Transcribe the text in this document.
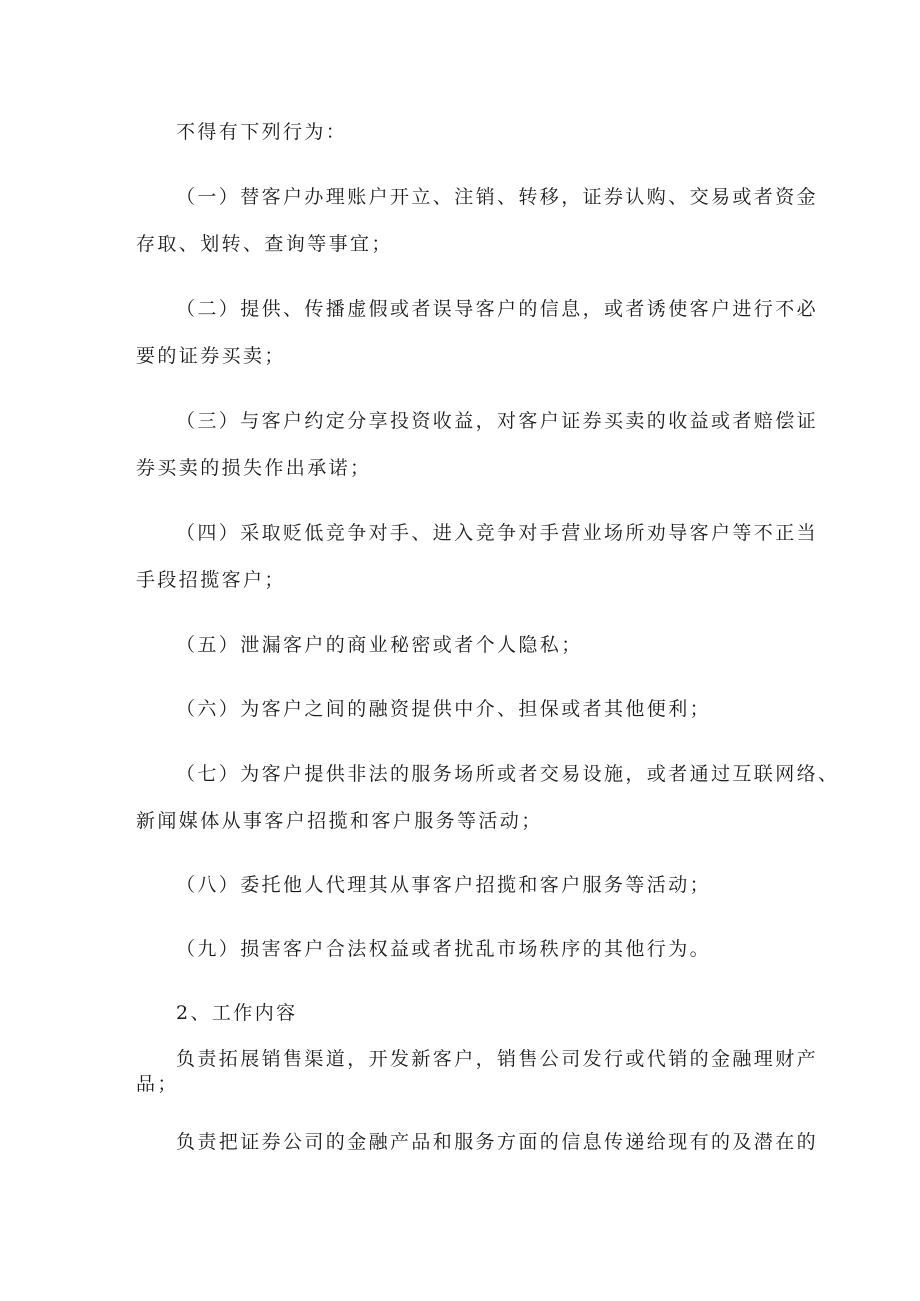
不得有下列行为：
（一）替客户办理账户开立、注销、转移，证券认购、交易或者资金
存取、划转、查询等事宜；
（二）提供、传播虚假或者误导客户的信息，或者诱使客户进行不必
要的证券买卖；
（三）与客户约定分享投资收益，对客户证券买卖的收益或者赔偿证
券买卖的损失作出承诺；
（四）采取贬低竞争对手、进入竞争对手营业场所劝导客户等不正当
手段招揽客户；
（五）泄漏客户的商业秘密或者个人隐私；
（六）为客户之间的融资提供中介、担保或者其他便利；
（七）为客户提供非法的服务场所或者交易设施，或者通过互联网络、
新闻媒体从事客户招揽和客户服务等活动；
（八）委托他人代理其从事客户招揽和客户服务等活动；
（九）损害客户合法权益或者扰乱市场秩序的其他行为。
2、工作内容
负责拓展销售渠道，开发新客户，销售公司发行或代销的金融理财产
品；
负责把证券公司的金融产品和服务方面的信息传递给现有的及潜在的
